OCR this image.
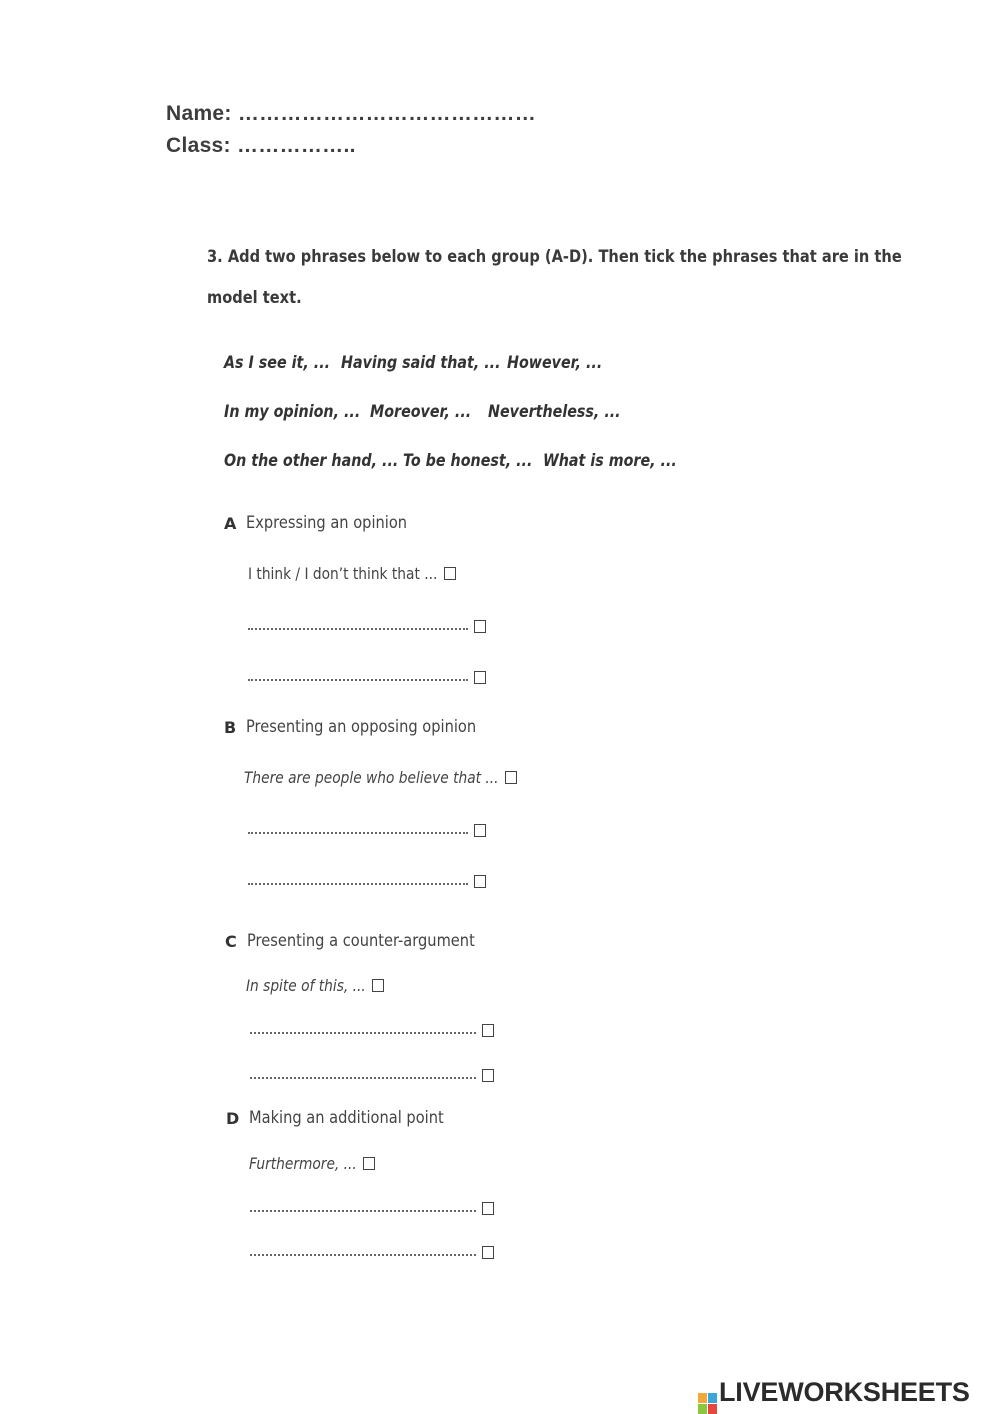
Name: ……………………………………
Class: ……………..
3. Add two phrases below to each group (A-D). Then tick the phrases that are in the
model text.
As I see it, ... Having said that, ... However, ...
In my opinion, ... Moreover, ... Nevertheless, ...
On the other hand, ... To be honest, ... What is more, ...
A Expressing an opinion
I think / I don’t think that ...
B Presenting an opposing opinion
There are people who believe that ...
C Presenting a counter-argument
In spite of this, ...
D Making an additional point
Furthermore, ...
LIVEWORKSHEETS
